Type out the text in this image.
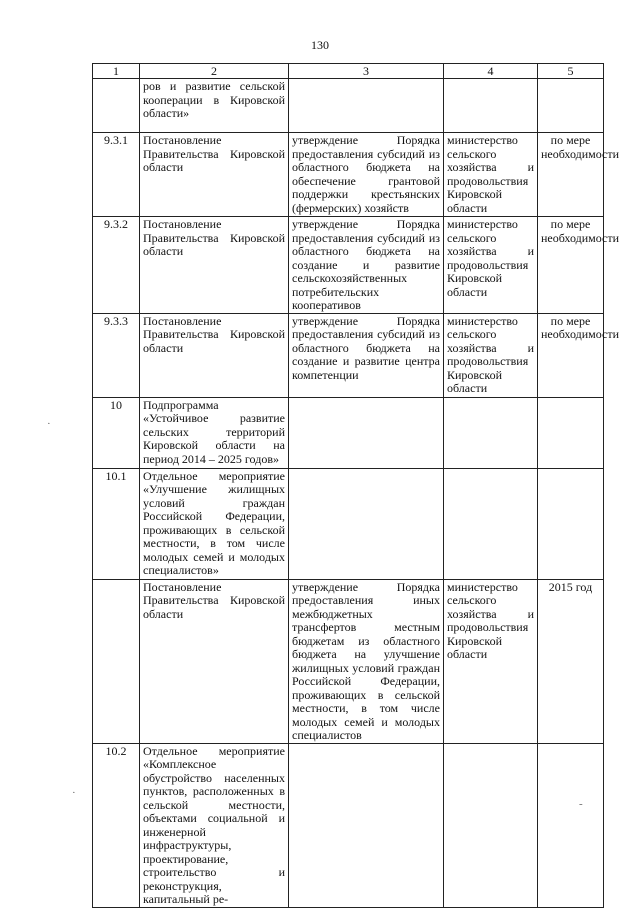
130
1	2	3	4	5
	ров и развитие сельской кооперации в Кировской области»			
9.3.1	Постановление Правительства Кировской области	утверждение Порядка предоставления субсидий из областного бюджета на обеспечение грантовой поддержки крестьянских (фермерских) хозяйств	министерство сельского хозяйства и продовольствия Кировской области	по мере необходимости
9.3.2	Постановление Правительства Кировской области	утверждение Порядка предоставления субсидий из областного бюджета на создание и развитие сельскохозяйственных потребительских кооперативов	министерство сельского хозяйства и продовольствия Кировской области	по мере необходимости
9.3.3	Постановление Правительства Кировской области	утверждение Порядка предоставления субсидий из областного бюджета на создание и развитие центра компетенции	министерство сельского хозяйства и продовольствия Кировской области	по мере необходимости
10	Подпрограмма «Устойчивое развитие сельских территорий Кировской области на период 2014 – 2025 годов»			
10.1	Отдельное мероприятие «Улучшение жилищных условий граждан Российской Федерации, проживающих в сельской местности, в том числе молодых семей и молодых специалистов»			
	Постановление Правительства Кировской области	утверждение Порядка предоставления иных межбюджетных трансфертов местным бюджетам из областного бюджета на улучшение жилищных условий граждан Российской Федерации, проживающих в сельской местности, в том числе молодых семей и молодых специалистов	министерство сельского хозяйства и продовольствия Кировской области	2015 год
10.2	Отдельное мероприятие «Комплексное обустройство населенных пунктов, расположенных в сельской местности, объектами социальной и инженерной инфраструктуры, проектирование, строительство и реконструкция, капитальный ре-			
·
·
-
